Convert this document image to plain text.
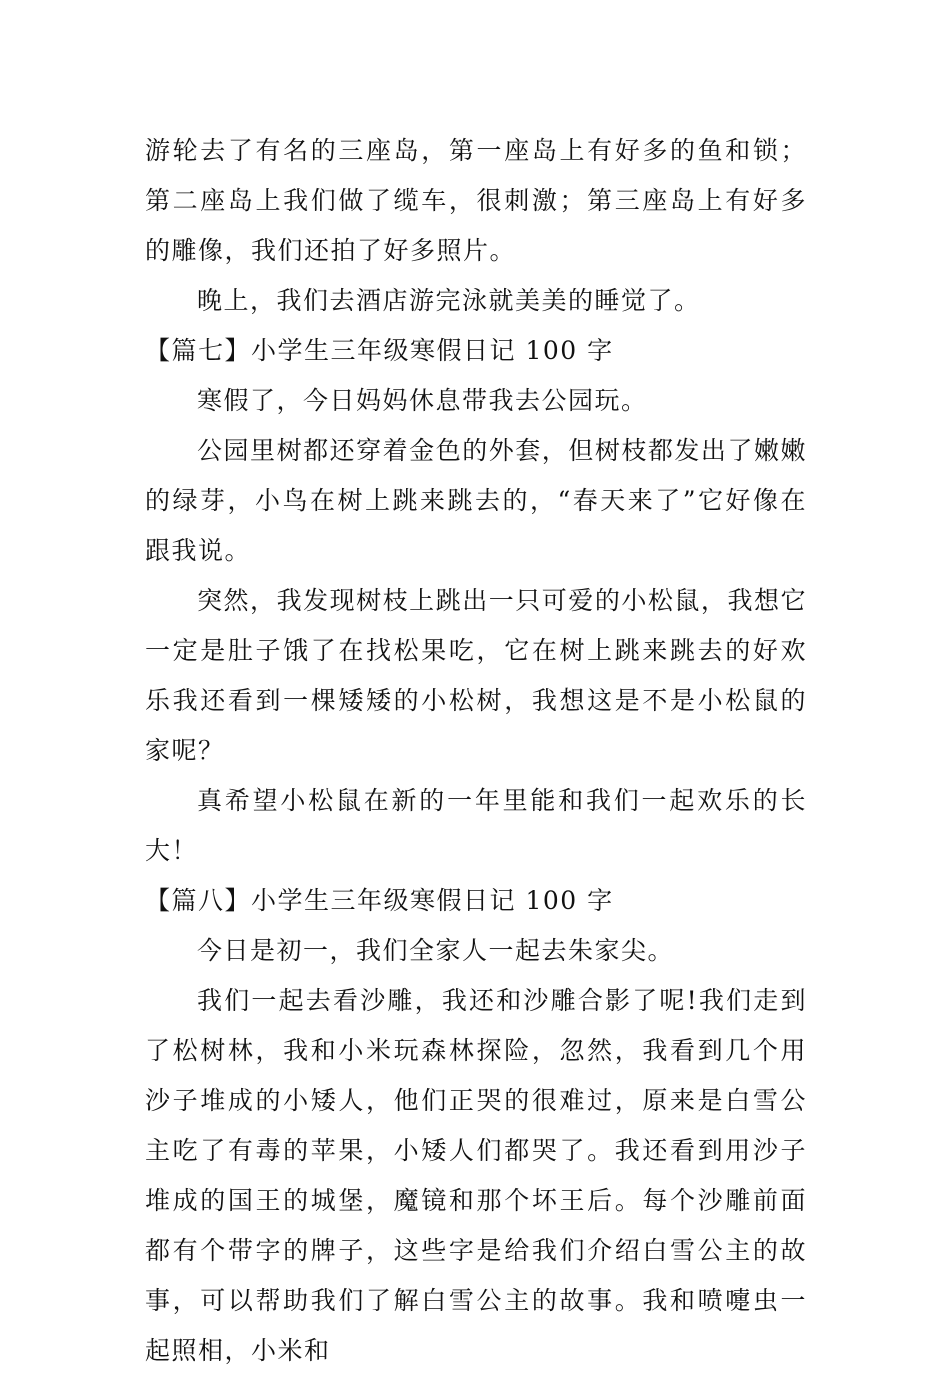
游轮去了有名的三座岛，第一座岛上有好多的鱼和锁；第二座岛上我们做了缆车，很刺激；第三座岛上有好多的雕像，我们还拍了好多照片。

晚上，我们去酒店游完泳就美美的睡觉了。

【篇七】小学生三年级寒假日记 100 字

寒假了，今日妈妈休息带我去公园玩。

公园里树都还穿着金色的外套，但树枝都发出了嫩嫩的绿芽，小鸟在树上跳来跳去的，“春天来了”它好像在跟我说。

突然，我发现树枝上跳出一只可爱的小松鼠，我想它一定是肚子饿了在找松果吃，它在树上跳来跳去的好欢乐我还看到一棵矮矮的小松树，我想这是不是小松鼠的家呢？

真希望小松鼠在新的一年里能和我们一起欢乐的长大！

【篇八】小学生三年级寒假日记 100 字

今日是初一，我们全家人一起去朱家尖。

我们一起去看沙雕，我还和沙雕合影了呢!我们走到了松树林，我和小米玩森林探险，忽然，我看到几个用沙子堆成的小矮人，他们正哭的很难过，原来是白雪公主吃了有毒的苹果，小矮人们都哭了。我还看到用沙子堆成的国王的城堡，魔镜和那个坏王后。每个沙雕前面都有个带字的牌子，这些字是给我们介绍白雪公主的故事，可以帮助我们了解白雪公主的故事。我和喷嚏虫一起照相，小米和
